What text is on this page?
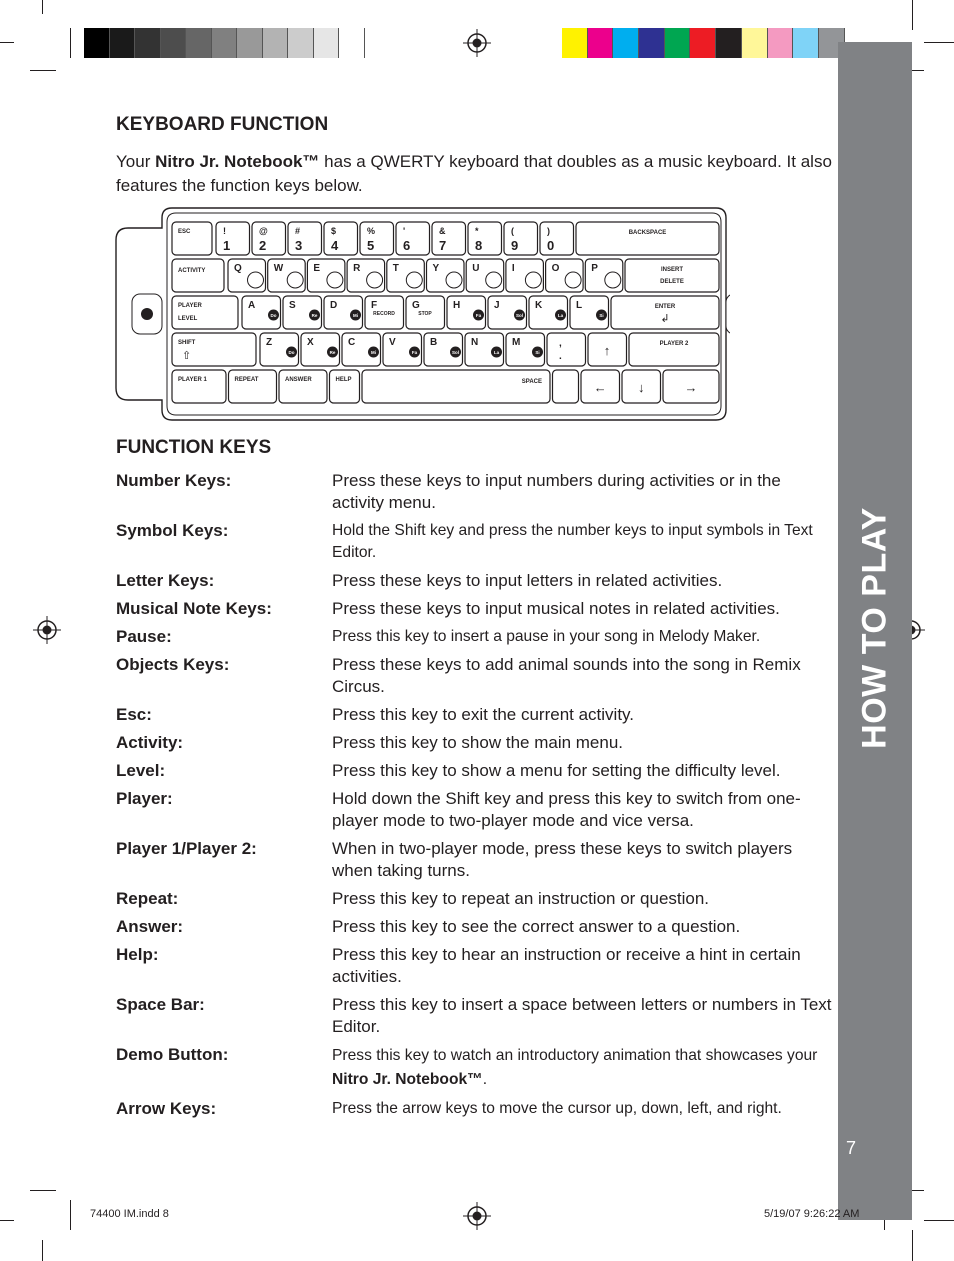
HOW TO PLAY
7
KEYBOARD FUNCTION

Your Nitro Jr. Notebook™ has a QWERTY keyboard that doubles as a music keyboard. It also features the function keys below.

ESC	!
1
@
2
#
3
$
4
%
5
'
6
&
7
*
8
(
9
)
0
BACKSPACE
ACTIVITY	Q	W	E	R	T	Y	U	I	O	P	INSERT
DELETE
PLAYER
LEVEL
A
Do
S
Re
D
Mi
F
RECORD
G
STOP
H
Fa
J
Sol
K
La
L
Si
ENTER
↲
SHIFT
⇧
Z
Do
X
Re
C
Mi
V
Fa
B
Sol
N
La
M
Si
,
.	↑	PLAYER 2
PLAYER 1	REPEAT	ANSWER	HELP	SPACE	← ↓	→
FUNCTION KEYS
Number Keys:	Press these keys to input numbers during activities or in the activity menu.
Symbol Keys:	Hold the Shift key and press the number keys to input symbols in Text Editor.
Letter Keys:	Press these keys to input letters in related activities.
Musical Note Keys:	Press these keys to input musical notes in related activities.
Pause:	Press this key to insert a pause in your song in Melody Maker.
Objects Keys:	Press these keys to add animal sounds into the song in Remix Circus.
Esc:	Press this key to exit the current activity.
Activity:	Press this key to show the main menu.
Level:	Press this key to show a menu for setting the difficulty level.
Player:	Hold down the Shift key and press this key to switch from one-player mode to two-player mode and vice versa.
Player 1/Player 2:	When in two-player mode, press these keys to switch players when taking turns.
Repeat:	Press this key to repeat an instruction or question.
Answer:	Press this key to see the correct answer to a question.
Help:	Press this key to hear an instruction or receive a hint in certain activities.
Space Bar:	Press this key to insert a space between letters or numbers in Text Editor.
Demo Button:	Press this key to watch an introductory animation that showcases your Nitro Jr. Notebook™.
Arrow Keys:	Press the arrow keys to move the cursor up, down, left, and right.
74400 IM.indd 8	5/19/07 9:26:22 AM
